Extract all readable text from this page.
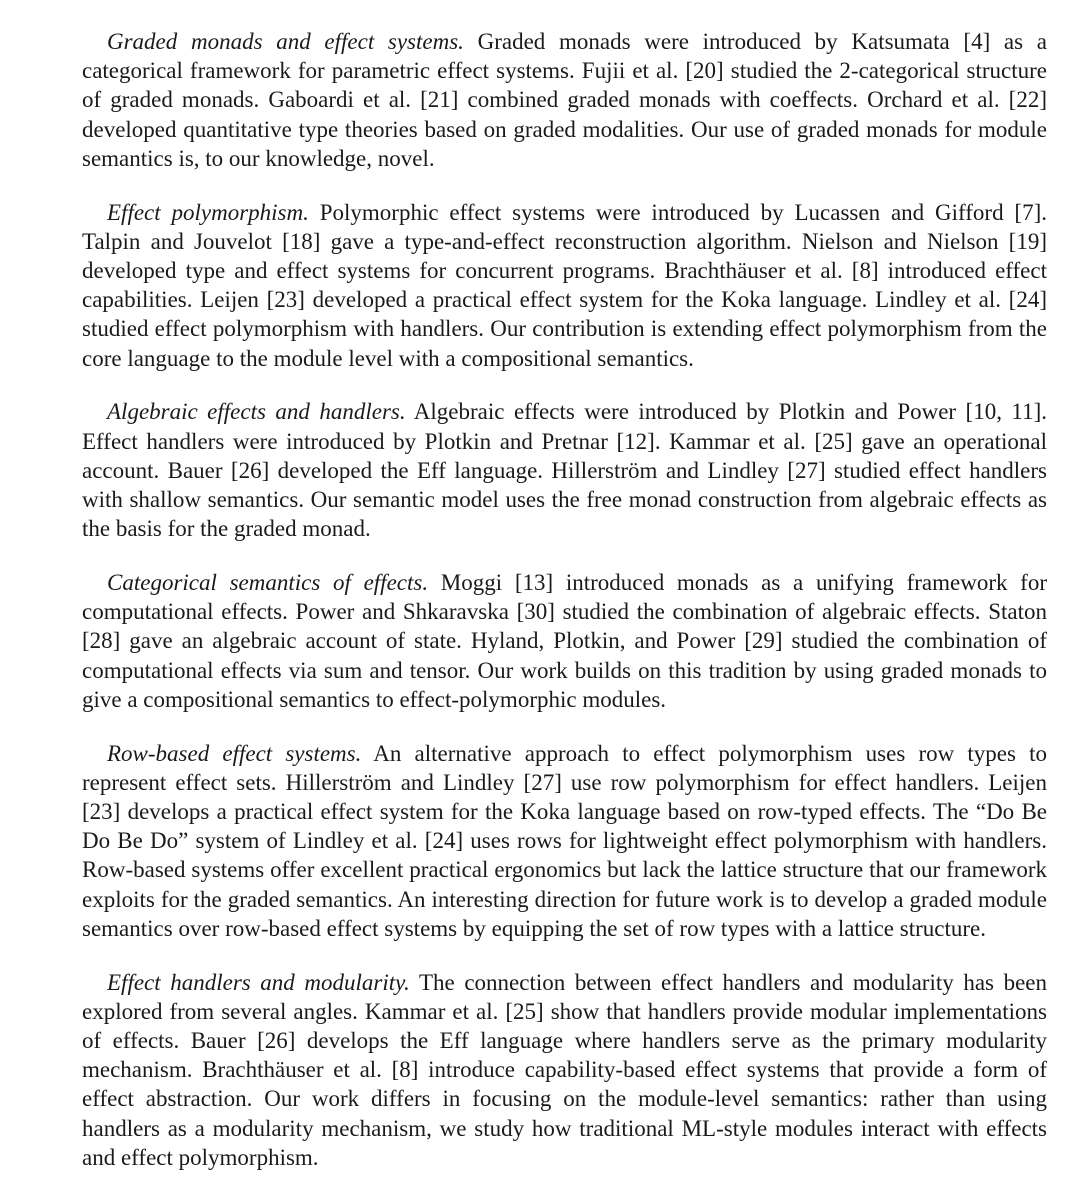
Graded monads and effect systems. Graded monads were introduced by Katsumata [4] as a categorical framework for parametric effect systems. Fujii et al. [20] studied the 2-categorical structure of graded monads. Gaboardi et al. [21] combined graded monads with coeffects. Orchard et al. [22] developed quantitative type theories based on graded modalities. Our use of graded monads for module semantics is, to our knowledge, novel.

Effect polymorphism. Polymorphic effect systems were introduced by Lucassen and Gifford [7]. Talpin and Jouvelot [18] gave a type-and-effect reconstruction algorithm. Nielson and Nielson [19] developed type and effect systems for concurrent programs. Brachthäuser et al. [8] introduced effect capabilities. Leijen [23] developed a practical effect system for the Koka language. Lindley et al. [24] studied effect polymorphism with handlers. Our contribution is extending effect polymorphism from the core language to the module level with a compositional semantics.

Algebraic effects and handlers. Algebraic effects were introduced by Plotkin and Power [10, 11]. Effect handlers were introduced by Plotkin and Pretnar [12]. Kammar et al. [25] gave an operational account. Bauer [26] developed the Eff language. Hillerström and Lindley [27] studied effect handlers with shallow semantics. Our semantic model uses the free monad construction from algebraic effects as the basis for the graded monad.

Categorical semantics of effects. Moggi [13] introduced monads as a unifying framework for computational effects. Power and Shkaravska [30] studied the combination of algebraic effects. Staton [28] gave an algebraic account of state. Hyland, Plotkin, and Power [29] studied the combination of computational effects via sum and tensor. Our work builds on this tradition by using graded monads to give a compositional semantics to effect-polymorphic modules.

Row-based effect systems. An alternative approach to effect polymorphism uses row types to represent effect sets. Hillerström and Lindley [27] use row polymorphism for effect handlers. Leijen [23] develops a practical effect system for the Koka language based on row-typed effects. The “Do Be Do Be Do” system of Lindley et al. [24] uses rows for lightweight effect polymorphism with handlers. Row-based systems offer excellent practical ergonomics but lack the lattice structure that our framework exploits for the graded semantics. An interesting direction for future work is to develop a graded module semantics over row-based effect systems by equipping the set of row types with a lattice structure.

Effect handlers and modularity. The connection between effect handlers and modularity has been explored from several angles. Kammar et al. [25] show that handlers provide modular implementations of effects. Bauer [26] develops the Eff language where handlers serve as the primary modularity mechanism. Brachthäuser et al. [8] introduce capability-based effect systems that provide a form of effect abstraction. Our work differs in focusing on the module-level semantics: rather than using handlers as a modularity mechanism, we study how traditional ML-style modules interact with effects and effect polymorphism.
